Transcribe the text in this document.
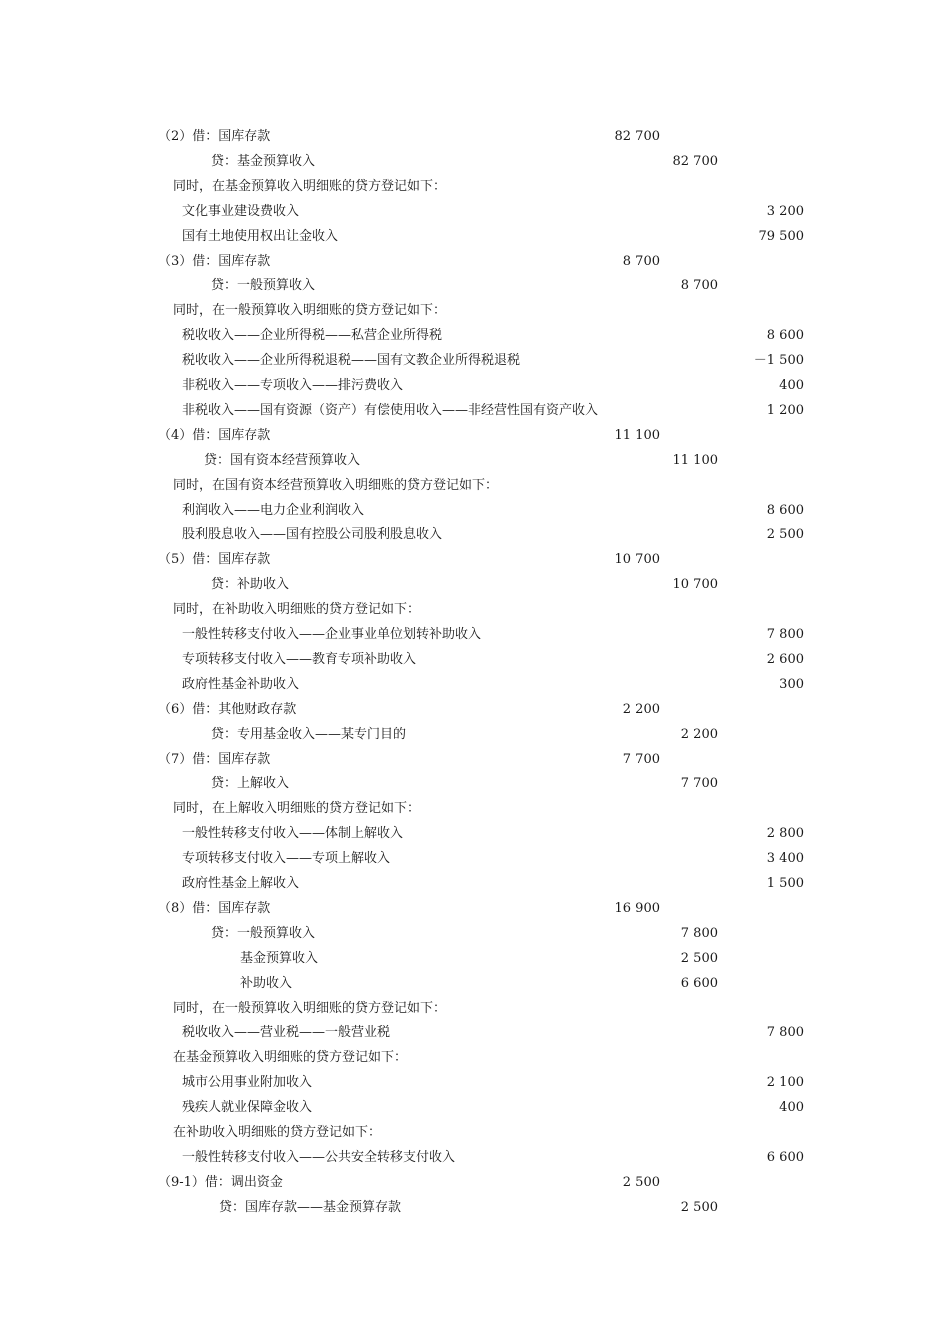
（2）借：国库存款	82 700
贷：基金预算收入	82 700
同时，在基金预算收入明细账的贷方登记如下：
文化事业建设费收入	3 200
国有土地使用权出让金收入	79 500
（3）借：国库存款	8 700
贷：一般预算收入	8 700
同时，在一般预算收入明细账的贷方登记如下：
税收收入——企业所得税——私营企业所得税	8 600
税收收入——企业所得税退税——国有文教企业所得税退税	－1 500
非税收入——专项收入——排污费收入	400
非税收入——国有资源（资产）有偿使用收入——非经营性国有资产收入	1 200
（4）借：国库存款	11 100
贷：国有资本经营预算收入	11 100
同时，在国有资本经营预算收入明细账的贷方登记如下：
利润收入——电力企业利润收入	8 600
股利股息收入——国有控股公司股利股息收入	2 500
（5）借：国库存款	10 700
贷：补助收入	10 700
同时，在补助收入明细账的贷方登记如下：
一般性转移支付收入——企业事业单位划转补助收入	7 800
专项转移支付收入——教育专项补助收入	2 600
政府性基金补助收入	300
（6）借：其他财政存款	2 200
贷：专用基金收入——某专门目的	2 200
（7）借：国库存款	7 700
贷：上解收入	7 700
同时，在上解收入明细账的贷方登记如下：
一般性转移支付收入——体制上解收入	2 800
专项转移支付收入——专项上解收入	3 400
政府性基金上解收入	1 500
（8）借：国库存款	16 900
贷：一般预算收入	7 800
基金预算收入	2 500
补助收入	6 600
同时，在一般预算收入明细账的贷方登记如下：
税收收入——营业税——一般营业税	7 800
在基金预算收入明细账的贷方登记如下：
城市公用事业附加收入	2 100
残疾人就业保障金收入	400
在补助收入明细账的贷方登记如下：
一般性转移支付收入——公共安全转移支付收入	6 600
（9-1）借：调出资金	2 500
贷：国库存款——基金预算存款	2 500
